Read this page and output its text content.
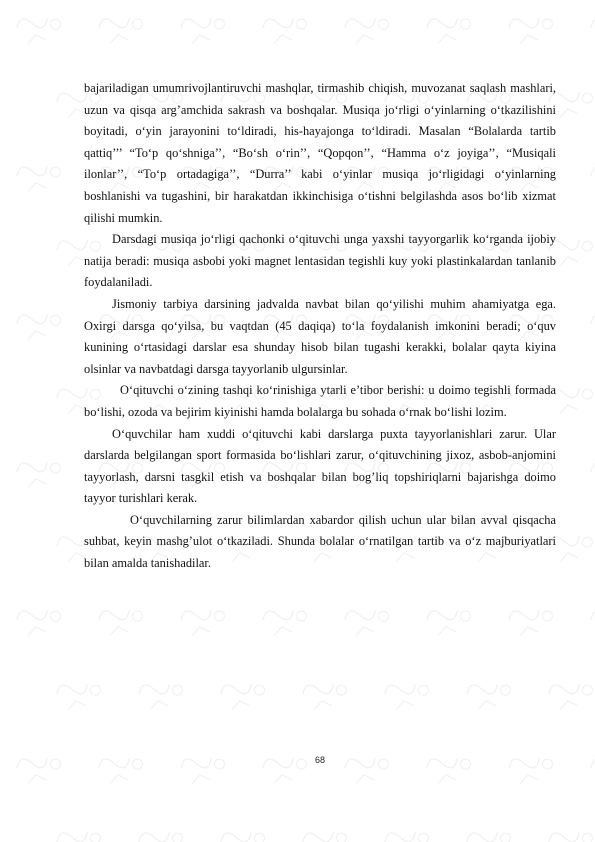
bajariladigan umumrivojlantiruvchi mashqlar, tirmashib chiqish, muvozanat saqlash mashlari, uzun va qisqa arg’amchida sakrash va boshqalar. Musiqa jo‘rligi o‘yinlarning o‘tkazilishini boyitadi, o‘yin jarayonini to‘ldiradi, his-hayajonga to‘ldiradi. Masalan “Bolalarda tartib qattiq’’’ “To‘p qo‘shniga’’, “Bo‘sh o‘rin’’, “Qopqon’’, “Hamma o‘z joyiga’’, “Musiqali ilonlar’’, “To‘p ortadagiga’’, “Durra’’ kabi o‘yinlar musiqa jo‘rligidagi o‘yinlarning boshlanishi va tugashini, bir harakatdan ikkinchisiga o‘tishni belgilashda asos bo‘lib xizmat qilishi mumkin.

Darsdagi musiqa jo‘rligi qachonki o‘qituvchi unga yaxshi tayyorgarlik ko‘rganda ijobiy natija beradi: musiqa asbobi yoki magnet lentasidan tegishli kuy yoki plastinkalardan tanlanib foydalaniladi.

Jismoniy tarbiya darsining jadvalda navbat bilan qo‘yilishi muhim ahamiyatga ega. Oxirgi darsga qo‘yilsa, bu vaqtdan (45 daqiqa) to‘la foydalanish imkonini beradi; o‘quv kunining o‘rtasidagi darslar esa shunday hisob bilan tugashi kerakki, bolalar qayta kiyina olsinlar va navbatdagi darsga tayyorlanib ulgursinlar.

O‘qituvchi o‘zining tashqi ko‘rinishiga ytarli e’tibor berishi: u doimo tegishli formada bo‘lishi, ozoda va bejirim kiyinishi hamda bolalarga bu sohada o‘rnak bo‘lishi lozim.

O‘quvchilar ham xuddi o‘qituvchi kabi darslarga puxta tayyorlanishlari zarur. Ular darslarda belgilangan sport formasida bo‘lishlari zarur, o‘qituvchining jixoz, asbob-anjomini tayyorlash, darsni tasgkil etish va boshqalar bilan bog’liq topshiriqlarni bajarishga doimo tayyor turishlari kerak.

O‘quvchilarning zarur bilimlardan xabardor qilish uchun ular bilan avval qisqacha suhbat, keyin mashg’ulot o‘tkaziladi. Shunda bolalar o‘rnatilgan tartib va o‘z majburiyatlari bilan amalda tanishadilar.

68
